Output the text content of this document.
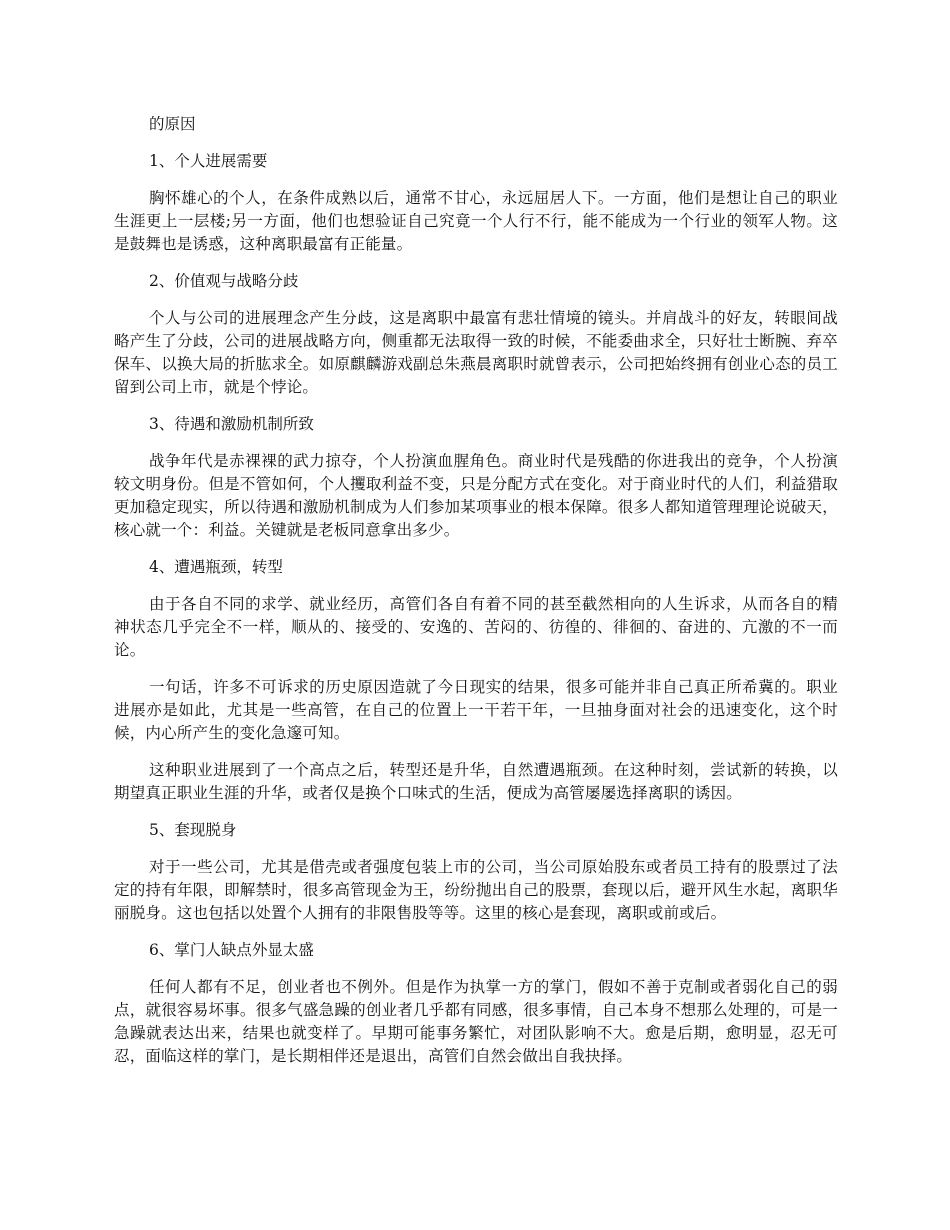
的原因

1、个人进展需要

胸怀雄心的个人，在条件成熟以后，通常不甘心，永远屈居人下。一方面，他们是想让自己的职业生涯更上一层楼;另一方面，他们也想验证自己究竟一个人行不行，能不能成为一个行业的领军人物。这是鼓舞也是诱惑，这种离职最富有正能量。

2、价值观与战略分歧

个人与公司的进展理念产生分歧，这是离职中最富有悲壮情境的镜头。并肩战斗的好友，转眼间战略产生了分歧，公司的进展战略方向，侧重都无法取得一致的时候，不能委曲求全，只好壮士断腕、弃卒保车、以换大局的折肱求全。如原麒麟游戏副总朱燕晨离职时就曾表示，公司把始终拥有创业心态的员工留到公司上市，就是个悖论。

3、待遇和激励机制所致

战争年代是赤裸裸的武力掠夺，个人扮演血腥角色。商业时代是残酷的你进我出的竞争，个人扮演较文明身份。但是不管如何，个人攫取利益不变，只是分配方式在变化。对于商业时代的人们，利益猎取更加稳定现实，所以待遇和激励机制成为人们参加某项事业的根本保障。很多人都知道管理理论说破天，核心就一个：利益。关键就是老板同意拿出多少。

4、遭遇瓶颈，转型

由于各自不同的求学、就业经历，高管们各自有着不同的甚至截然相向的人生诉求，从而各自的精神状态几乎完全不一样，顺从的、接受的、安逸的、苦闷的、彷徨的、徘徊的、奋进的、亢激的不一而论。

一句话，许多不可诉求的历史原因造就了今日现实的结果，很多可能并非自己真正所希冀的。职业进展亦是如此，尤其是一些高管，在自己的位置上一干若干年，一旦抽身面对社会的迅速变化，这个时候，内心所产生的变化急邃可知。

这种职业进展到了一个高点之后，转型还是升华，自然遭遇瓶颈。在这种时刻，尝试新的转换，以期望真正职业生涯的升华，或者仅是换个口味式的生活，便成为高管屡屡选择离职的诱因。

5、套现脱身

对于一些公司，尤其是借壳或者强度包装上市的公司，当公司原始股东或者员工持有的股票过了法定的持有年限，即解禁时，很多高管现金为王，纷纷抛出自己的股票，套现以后，避开风生水起，离职华丽脱身。这也包括以处置个人拥有的非限售股等等。这里的核心是套现，离职或前或后。

6、掌门人缺点外显太盛

任何人都有不足，创业者也不例外。但是作为执掌一方的掌门，假如不善于克制或者弱化自己的弱点，就很容易坏事。很多气盛急躁的创业者几乎都有同感，很多事情，自己本身不想那么处理的，可是一急躁就表达出来，结果也就变样了。早期可能事务繁忙，对团队影响不大。愈是后期，愈明显，忍无可忍，面临这样的掌门，是长期相伴还是退出，高管们自然会做出自我抉择。
